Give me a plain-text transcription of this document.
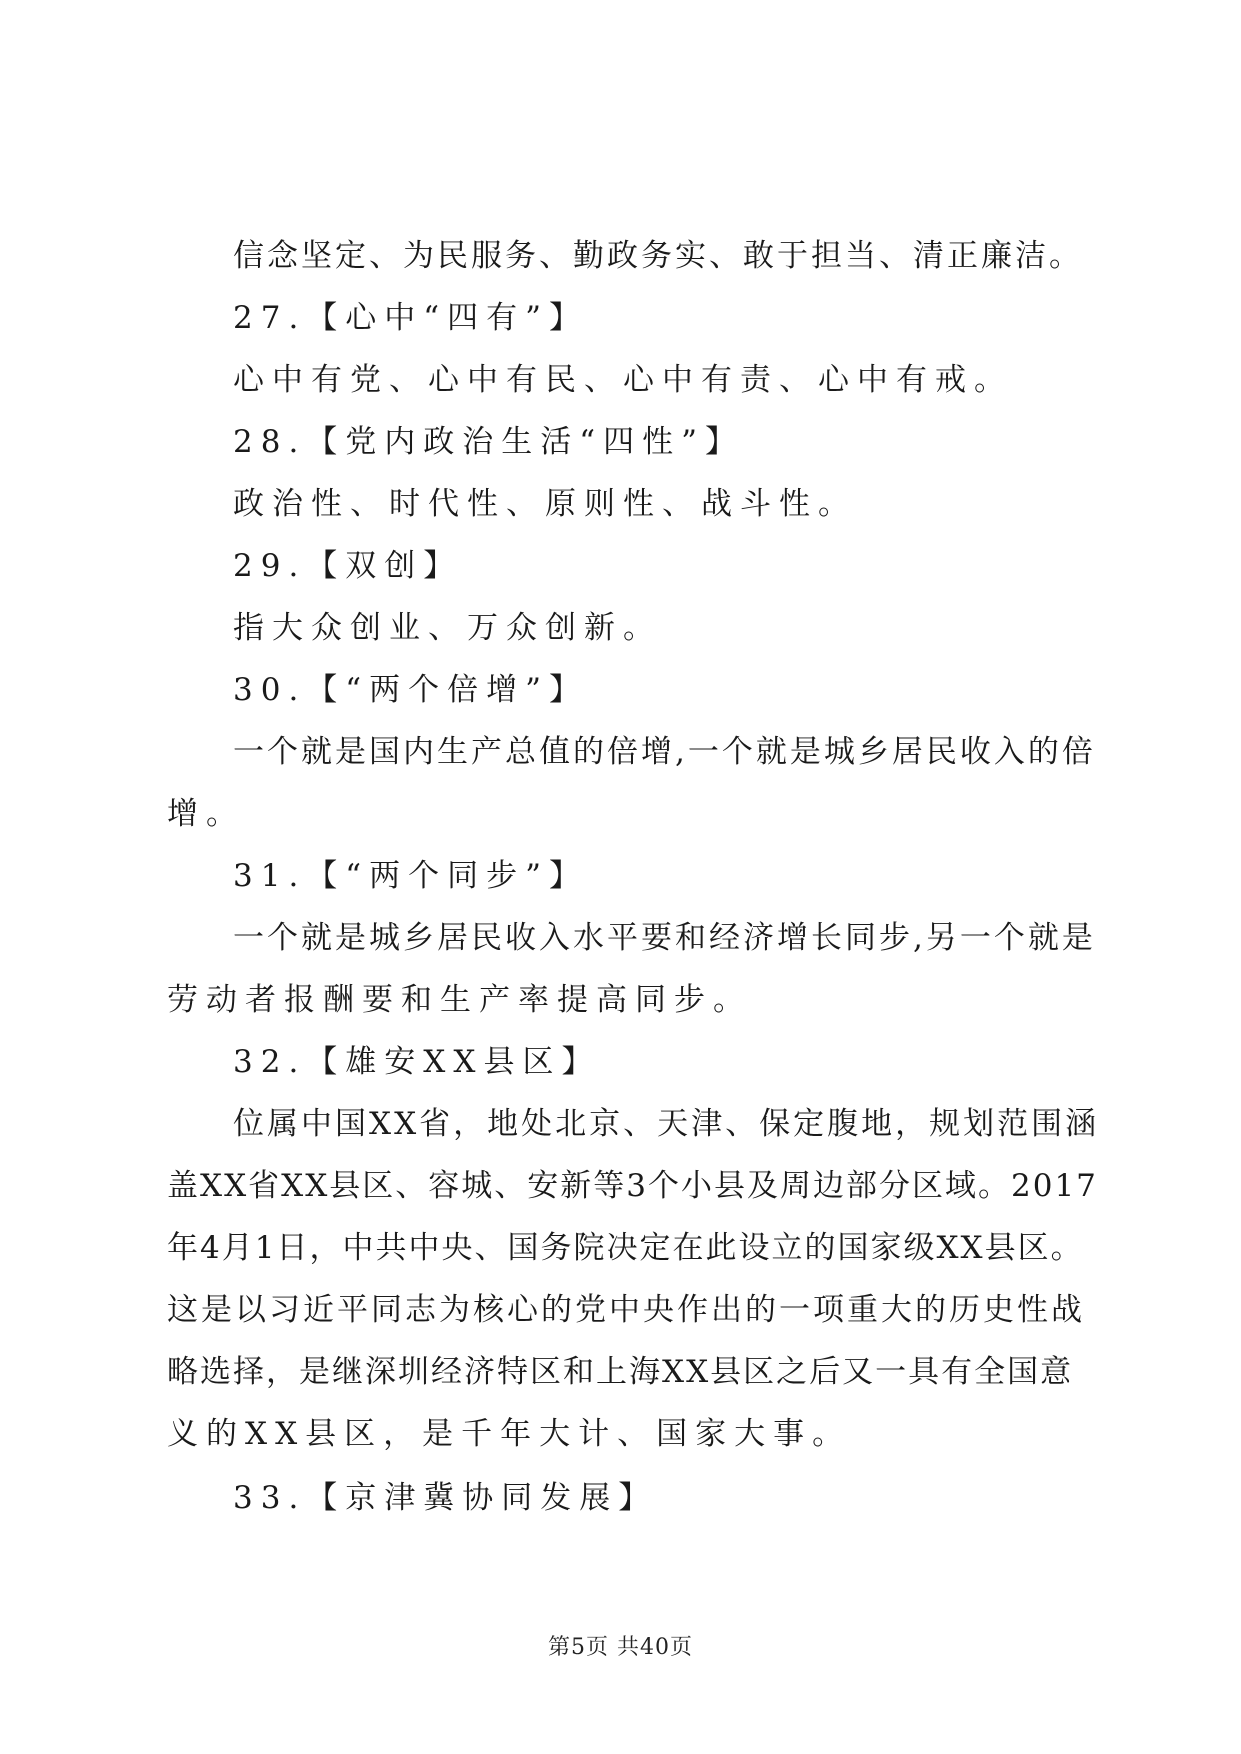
信念坚定、为民服务、勤政务实、敢于担当、清正廉洁。
27.【心中“四有”】
心中有党、心中有民、心中有责、心中有戒。
28.【党内政治生活“四性”】
政治性、时代性、原则性、战斗性。
29.【双创】
指大众创业、万众创新。
30.【“两个倍增”】
一个就是国内生产总值的倍增,一个就是城乡居民收入的倍
增。
31.【“两个同步”】
一个就是城乡居民收入水平要和经济增长同步,另一个就是
劳动者报酬要和生产率提高同步。
32.【雄安XX县区】
位属中国XX省，地处北京、天津、保定腹地，规划范围涵
盖XX省XX县区、容城、安新等3个小县及周边部分区域。2017
年4月1日，中共中央、国务院决定在此设立的国家级XX县区。
这是以习近平同志为核心的党中央作出的一项重大的历史性战
略选择，是继深圳经济特区和上海XX县区之后又一具有全国意
义的XX县区，是千年大计、国家大事。
33.【京津冀协同发展】
第5页 共40页
